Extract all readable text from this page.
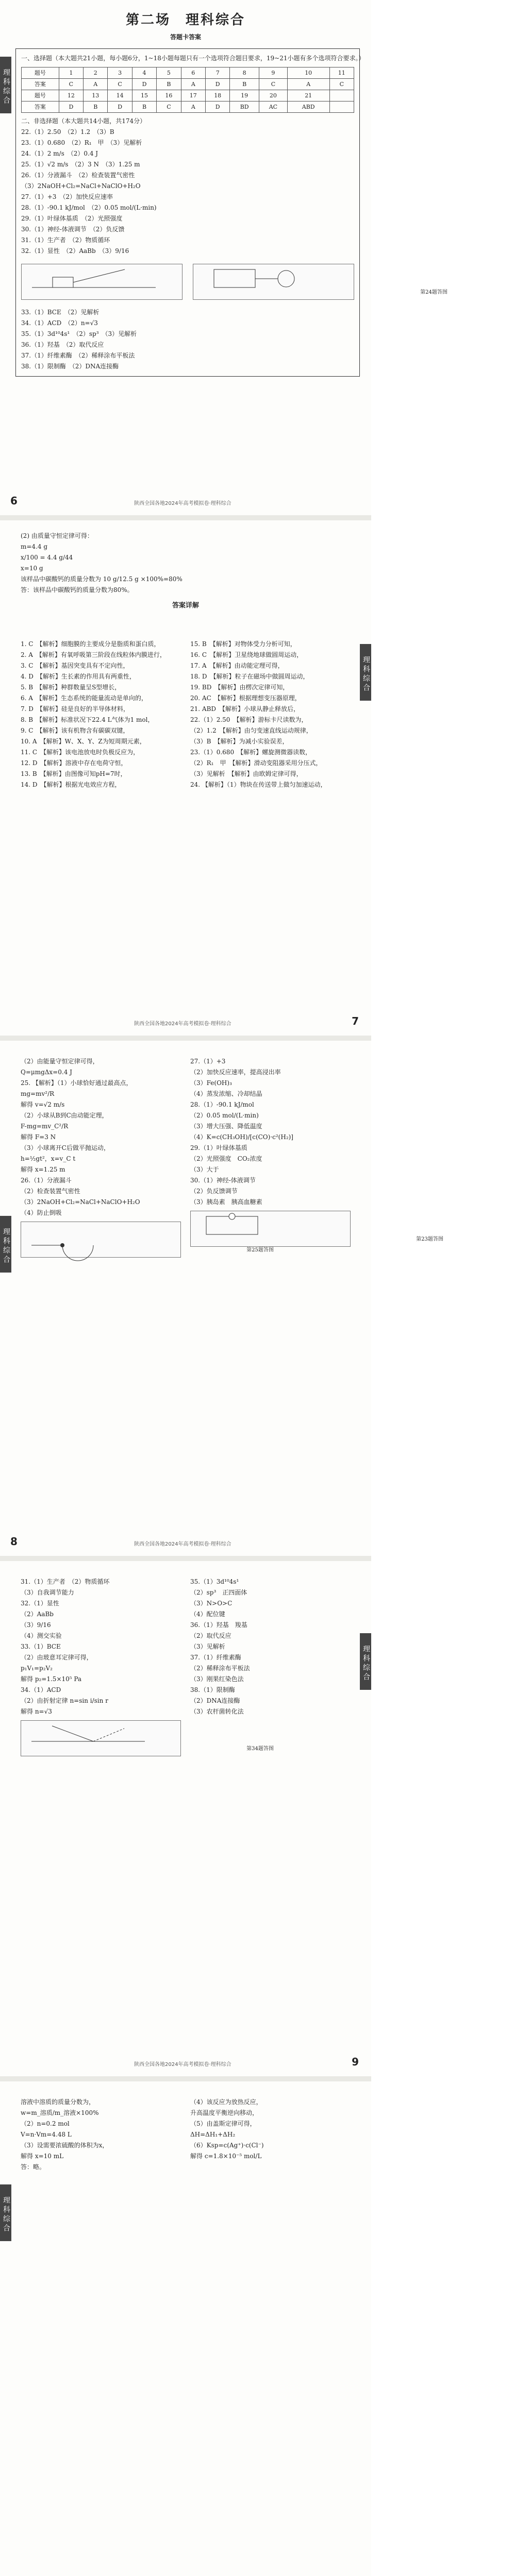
第二场　理科综合
答题卡答案
一、选择题（本大题共21小题，每小题6分，1~18小题每题只有一个选项符合题目要求，19~21小题有多个选项符合要求。）
题号	1	2	3	4	5	6	7	8	9	10	11
答案	C	A	C	D	B	A	D	B	C	A	C
题号	12	13	14	15	16	17	18	19	20	21	
答案	D	B	D	B	C	A	D	BD	AC	ABD	
二、非选择题（本大题共14小题，共174分）
22.（1）2.50　（2）1.2　（3）B
23.（1）0.680　（2）R₁　甲　（3）见解析
24.（1）2 m/s　（2）0.4 J
25.（1）√2 m/s　（2）3 N　（3）1.25 m
26.（1）分液漏斗　（2）检查装置气密性
（3）2NaOH+Cl₂=NaCl+NaClO+H₂O
27.（1）+3　（2）加快反应速率
28.（1）-90.1 kJ/mol　（2）0.05 mol/(L·min)
29.（1）叶绿体基质　（2）光照强度
30.（1）神经-体液调节　（2）负反馈
31.（1）生产者　（2）物质循环
32.（1）显性　（2）AaBb　（3）9/16
第24题答图
33.（1）BCE　（2）见解析
34.（1）ACD　（2）n=√3
35.（1）3d¹⁰4s¹　（2）sp³　（3）见解析
36.（1）羟基　（2）取代反应
37.（1）纤维素酶　（2）稀释涂布平板法
38.（1）限制酶　（2）DNA连接酶
理科综合
6	陕西全国各地2024年高考模拟卷·理科综合
(2) 由质量守恒定律可得：
m=4.4 g
x/100 = 4.4 g/44
x=10 g
该样品中碳酸钙的质量分数为 10 g/12.5 g ×100%=80%
答：该样品中碳酸钙的质量分数为80%。
答案详解

1. C　【解析】细胞膜的主要成分是脂质和蛋白质，

2. A　【解析】有氧呼吸第三阶段在线粒体内膜进行，

3. C　【解析】基因突变具有不定向性，

4. D　【解析】生长素的作用具有两重性，

5. B　【解析】种群数量呈S型增长，

6. A　【解析】生态系统的能量流动是单向的，

7. D　【解析】硅是良好的半导体材料，

8. B　【解析】标准状况下22.4 L气体为1 mol，

9. C　【解析】该有机物含有碳碳双键，

10. A　【解析】W、X、Y、Z为短周期元素，

11. C　【解析】该电池放电时负极反应为，

12. D　【解析】溶液中存在电荷守恒，

13. B　【解析】由图像可知pH=7时，

14. D　【解析】根据光电效应方程，

15. B　【解析】对物体受力分析可知，

16. C　【解析】卫星绕地球做圆周运动，

17. A　【解析】由动能定理可得，

18. D　【解析】粒子在磁场中做圆周运动，

19. BD　【解析】由楞次定律可知，

20. AC　【解析】根据理想变压器原理，

21. ABD　【解析】小球从静止释放后，

22.（1）2.50　【解析】游标卡尺读数为，

（2）1.2　【解析】由匀变速直线运动规律，

（3）B　【解析】为减小实验误差，

23.（1）0.680　【解析】螺旋测微器读数，

（2）R₁　甲　【解析】滑动变阻器采用分压式，

（3）见解析　【解析】由欧姆定律可得，

24. 【解析】（1）物块在传送带上做匀加速运动，

理科综合
7
陕西全国各地2024年高考模拟卷·理科综合

（2）由能量守恒定律可得，

Q=μmgΔx=0.4 J

25. 【解析】（1）小球恰好通过最高点，

mg=mv²/R

解得 v=√2 m/s

（2）小球从B到C由动能定理，

F-mg=mv_C²/R

解得 F=3 N

（3）小球离开C后做平抛运动，

h=½gt²，x=v_C t

解得 x=1.25 m

26.（1）分液漏斗

（2）检查装置气密性

（3）2NaOH+Cl₂=NaCl+NaClO+H₂O

（4）防止倒吸

第25题答图

27.（1）+3

（2）加快反应速率，提高浸出率

（3）Fe(OH)₃

（4）蒸发浓缩、冷却结晶

28.（1）-90.1 kJ/mol

（2）0.05 mol/(L·min)

（3）增大压强、降低温度

（4）K=c(CH₃OH)/[c(CO)·c²(H₂)]

29.（1）叶绿体基质

（2）光照强度　CO₂浓度

（3）大于

30.（1）神经-体液调节

（2）负反馈调节

（3）胰岛素　胰高血糖素

第23题答图
理科综合
8	陕西全国各地2024年高考模拟卷·理科综合

31.（1）生产者　（2）物质循环

（3）自我调节能力

32.（1）显性

（2）AaBb

（3）9/16

（4）测交实验

33.（1）BCE

（2）由玻意耳定律可得，

p₁V₁=p₂V₂

解得 p₂=1.5×10⁵ Pa

34.（1）ACD

（2）由折射定律 n=sin i/sin r

解得 n=√3

第34题答图

35.（1）3d¹⁰4s¹

（2）sp³　正四面体

（3）N>O>C

（4）配位键

36.（1）羟基　羧基

（2）取代反应

（3）见解析

37.（1）纤维素酶

（2）稀释涂布平板法

（3）刚果红染色法

38.（1）限制酶

（2）DNA连接酶

（3）农杆菌转化法

理科综合
9
陕西全国各地2024年高考模拟卷·理科综合

溶液中溶质的质量分数为，

w=m_溶质/m_溶液×100%

（2）n=0.2 mol

V=n·Vm=4.48 L

（3）设需要浓硫酸的体积为x，

解得 x=10 mL

答：略。

（4）该反应为放热反应，

升高温度平衡逆向移动，

（5）由盖斯定律可得，

ΔH=ΔH₁+ΔH₂

（6）Ksp=c(Ag⁺)·c(Cl⁻)

解得 c=1.8×10⁻⁵ mol/L

理科综合
